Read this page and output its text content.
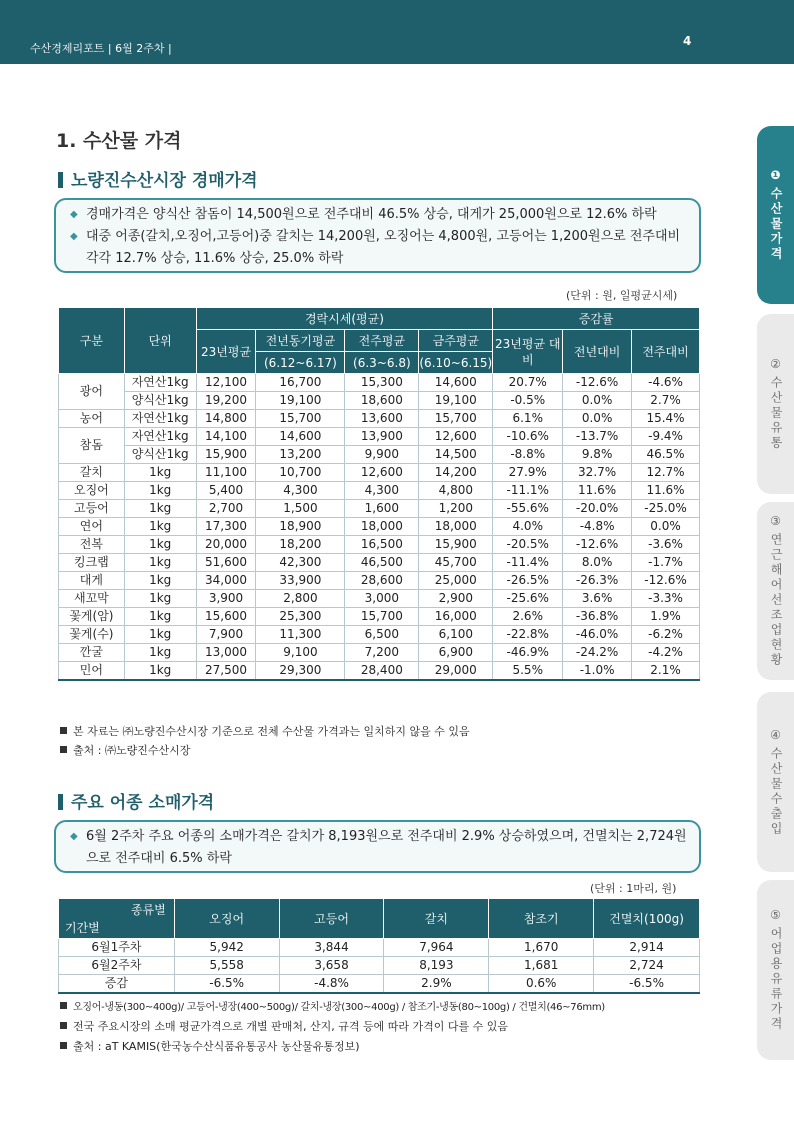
수산경제리포트 | 6월 2주차 |
4
❶
수산물가격
②
수산물유통
③
연근해어선조업현황
④
수산물수출입
⑤
어업용유류가격
1. 수산물 가격
노량진수산시장 경매가격
◆ 경매가격은 양식산 참돔이 14,500원으로 전주대비 46.5% 상승, 대게가 25,000원으로 12.6% 하락
◆ 대중 어종(갈치,오징어,고등어)중 갈치는 14,200원, 오징어는 4,800원, 고등어는 1,200원으로 전주대비 각각 12.7% 상승, 11.6% 상승, 25.0% 하락
(단위 : 원, 일평균시세)
구분	단위	경락시세(평균)				증감률		
		23년평균	전년동기평균	전주평균	금주평균	23년평균 대비	전년대비	전주대비
			(6.12~6.17)	(6.3~6.8)	(6.10~6.15)			
광어	자연산1kg	12,100	16,700	15,300	14,600	20.7%	-12.6%	-4.6%
	양식산1kg	19,200	19,100	18,600	19,100	-0.5%	0.0%	2.7%
농어	자연산1kg	14,800	15,700	13,600	15,700	6.1%	0.0%	15.4%
참돔	자연산1kg	14,100	14,600	13,900	12,600	-10.6%	-13.7%	-9.4%
	양식산1kg	15,900	13,200	9,900	14,500	-8.8%	9.8%	46.5%
갈치	1kg	11,100	10,700	12,600	14,200	27.9%	32.7%	12.7%
오징어	1kg	5,400	4,300	4,300	4,800	-11.1%	11.6%	11.6%
고등어	1kg	2,700	1,500	1,600	1,200	-55.6%	-20.0%	-25.0%
연어	1kg	17,300	18,900	18,000	18,000	4.0%	-4.8%	0.0%
전복	1kg	20,000	18,200	16,500	15,900	-20.5%	-12.6%	-3.6%
킹크랩	1kg	51,600	42,300	46,500	45,700	-11.4%	8.0%	-1.7%
대게	1kg	34,000	33,900	28,600	25,000	-26.5%	-26.3%	-12.6%
새꼬막	1kg	3,900	2,800	3,000	2,900	-25.6%	3.6%	-3.3%
꽃게(암)	1kg	15,600	25,300	15,700	16,000	2.6%	-36.8%	1.9%
꽃게(수)	1kg	7,900	11,300	6,500	6,100	-22.8%	-46.0%	-6.2%
깐굴	1kg	13,000	9,100	7,200	6,900	-46.9%	-24.2%	-4.2%
민어	1kg	27,500	29,300	28,400	29,000	5.5%	-1.0%	2.1%
본 자료는 ㈜노량진수산시장 기준으로 전체 수산물 가격과는 일치하지 않을 수 있음
출처 : ㈜노량진수산시장
주요 어종 소매가격
◆ 6월 2주차 주요 어종의 소매가격은 갈치가 8,193원으로 전주대비 2.9% 상승하였으며, 건멸치는 2,724원으로 전주대비 6.5% 하락
(단위 : 1마리, 원)
종류별
기간별	오징어	고등어	갈치	참조기	건멸치(100g)
6월1주차	5,942	3,844	7,964	1,670	2,914
6월2주차	5,558	3,658	8,193	1,681	2,724
증감	-6.5%	-4.8%	2.9%	0.6%	-6.5%
오징어-냉동(300~400g)/ 고등어-냉장(400~500g)/ 갈치-냉장(300~400g) / 참조기-냉동(80~100g) / 건멸치(46~76mm)
전국 주요시장의 소매 평균가격으로 개별 판매처, 산지, 규격 등에 따라 가격이 다를 수 있음
출처 : aT KAMIS(한국농수산식품유통공사 농산물유통정보)
